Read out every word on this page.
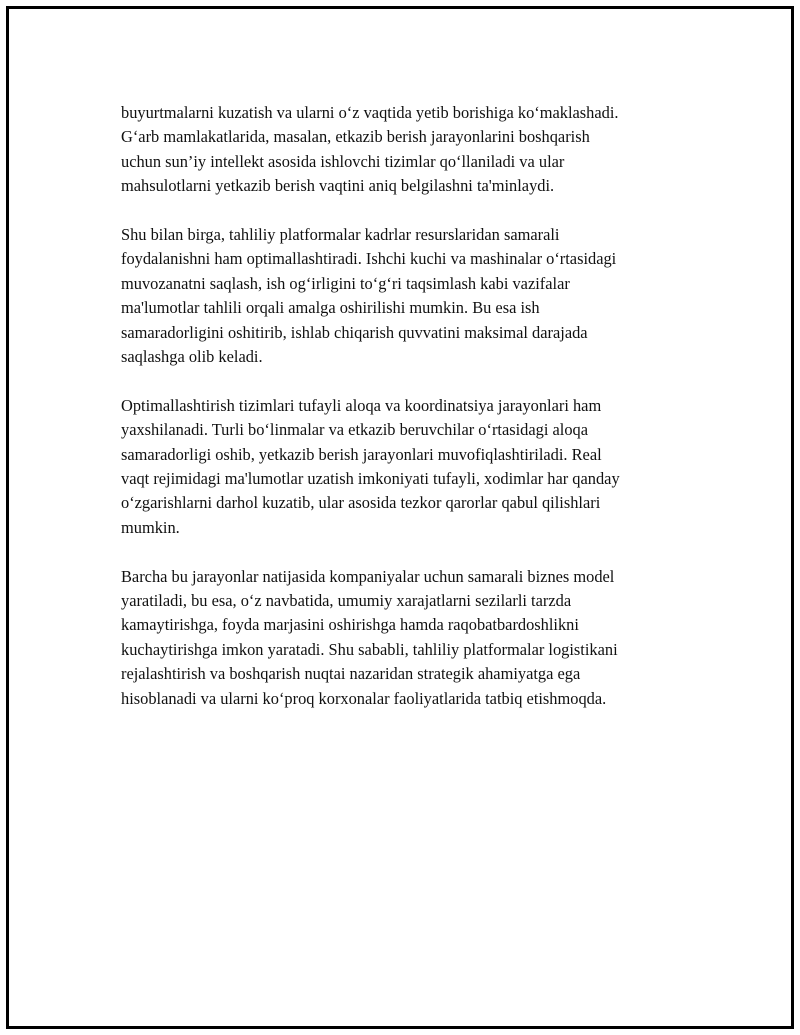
buyurtmalarni kuzatish va ularni o‘z vaqtida yetib borishiga ko‘maklashadi.
G‘arb mamlakatlarida, masalan, etkazib berish jarayonlarini boshqarish
uchun sun’iy intellekt asosida ishlovchi tizimlar qo‘llaniladi va ular
mahsulotlarni yetkazib berish vaqtini aniq belgilashni ta'minlaydi.

Shu bilan birga, tahliliy platformalar kadrlar resurslaridan samarali
foydalanishni ham optimallashtiradi. Ishchi kuchi va mashinalar o‘rtasidagi
muvozanatni saqlash, ish og‘irligini to‘g‘ri taqsimlash kabi vazifalar
ma'lumotlar tahlili orqali amalga oshirilishi mumkin. Bu esa ish
samaradorligini oshitirib, ishlab chiqarish quvvatini maksimal darajada
saqlashga olib keladi.

Optimallashtirish tizimlari tufayli aloqa va koordinatsiya jarayonlari ham
yaxshilanadi. Turli bo‘linmalar va etkazib beruvchilar o‘rtasidagi aloqa
samaradorligi oshib, yetkazib berish jarayonlari muvofiqlashtiriladi. Real
vaqt rejimidagi ma'lumotlar uzatish imkoniyati tufayli, xodimlar har qanday
o‘zgarishlarni darhol kuzatib, ular asosida tezkor qarorlar qabul qilishlari
mumkin.

Barcha bu jarayonlar natijasida kompaniyalar uchun samarali biznes model
yaratiladi, bu esa, o‘z navbatida, umumiy xarajatlarni sezilarli tarzda
kamaytirishga, foyda marjasini oshirishga hamda raqobatbardoshlikni
kuchaytirishga imkon yaratadi. Shu sababli, tahliliy platformalar logistikani
rejalashtirish va boshqarish nuqtai nazaridan strategik ahamiyatga ega
hisoblanadi va ularni ko‘proq korxonalar faoliyatlarida tatbiq etishmoqda.
